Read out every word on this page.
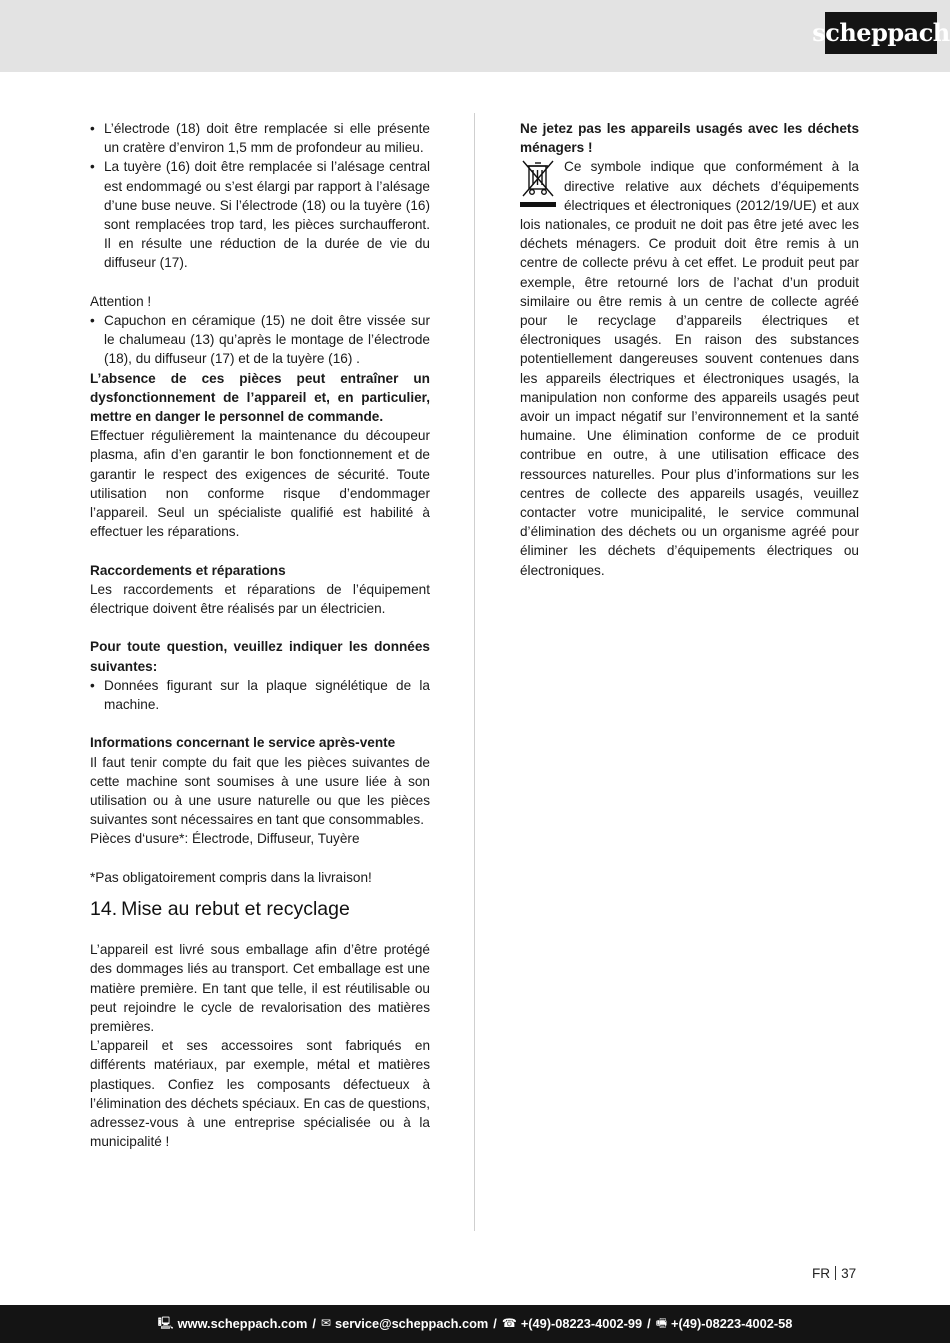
scheppach
• L’électrode (18) doit être remplacée si elle présente un cratère d’environ 1,5 mm de profondeur au milieu.
• La tuyère (16) doit être remplacée si l’alésage central est endommagé ou s’est élargi par rapport à l’alésage d’une buse neuve. Si l’électrode (18) ou la tuyère (16) sont remplacées trop tard, les pièces surchaufferont. Il en résulte une réduction de la durée de vie du diffuseur (17).

Attention !

• Capuchon en céramique (15) ne doit être vissée sur le chalumeau (13) qu’après le montage de l’électrode (18), du diffuseur (17) et de la tuyère (16) .

L’absence de ces pièces peut entraîner un dysfonctionnement de l’appareil et, en particulier, mettre en danger le personnel de commande.

Effectuer régulièrement la maintenance du découpeur plasma, afin d’en garantir le bon fonctionnement et de garantir le respect des exigences de sécurité. Toute utilisation non conforme risque d’endommager l’appareil. Seul un spécialiste qualifié est habilité à effectuer les réparations.

Raccordements et réparations

Les raccordements et réparations de l’équipement électrique doivent être réalisés par un électricien.

Pour toute question, veuillez indiquer les données suivantes:

• Données figurant sur la plaque signélétique de la machine.

Informations concernant le service après-vente

Il faut tenir compte du fait que les pièces suivantes de cette machine sont soumises à une usure liée à son utilisation ou à une usure naturelle ou que les pièces suivantes sont nécessaires en tant que consommables.

Pièces d‘usure*: Électrode, Diffuseur, Tuyère

*Pas obligatoirement compris dans la livraison!

14. Mise au rebut et recyclage

L’appareil est livré sous emballage afin d’être protégé des dommages liés au transport. Cet emballage est une matière première. En tant que telle, il est réutilisable ou peut rejoindre le cycle de revalorisation des matières premières.

L’appareil et ses accessoires sont fabriqués en différents matériaux, par exemple, métal et matières plastiques. Confiez les composants défectueux à l’élimination des déchets spéciaux. En cas de questions, adressez-vous à une entreprise spécialisée ou à la municipalité !

Ne jetez pas les appareils usagés avec les déchets ménagers !

Ce symbole indique que conformément à la directive relative aux déchets d’équipements électriques et électroniques (2012/19/UE) et aux lois nationales, ce produit ne doit pas être jeté avec les déchets ménagers. Ce produit doit être remis à un centre de collecte prévu à cet effet. Le produit peut par exemple, être retourné lors de l’achat d’un produit similaire ou être remis à un centre de collecte agréé pour le recyclage d’appareils électriques et électroniques usagés. En raison des substances potentiellement dangereuses souvent contenues dans les appareils électriques et électroniques usagés, la manipulation non conforme des appareils usagés peut avoir un impact négatif sur l’environnement et la santé humaine. Une élimination conforme de ce produit contribue en outre, à une utilisation efficace des ressources naturelles. Pour plus d’informations sur les centres de collecte des appareils usagés, veuillez contacter votre municipalité, le service communal d’élimination des déchets ou un organisme agréé pour éliminer les déchets d’équipements électriques ou électroniques.

FR 37
🖳 www.scheppach.com / ✉ service@scheppach.com / ☎ +(49)-08223-4002-99 / 🖷 +(49)-08223-4002-58
